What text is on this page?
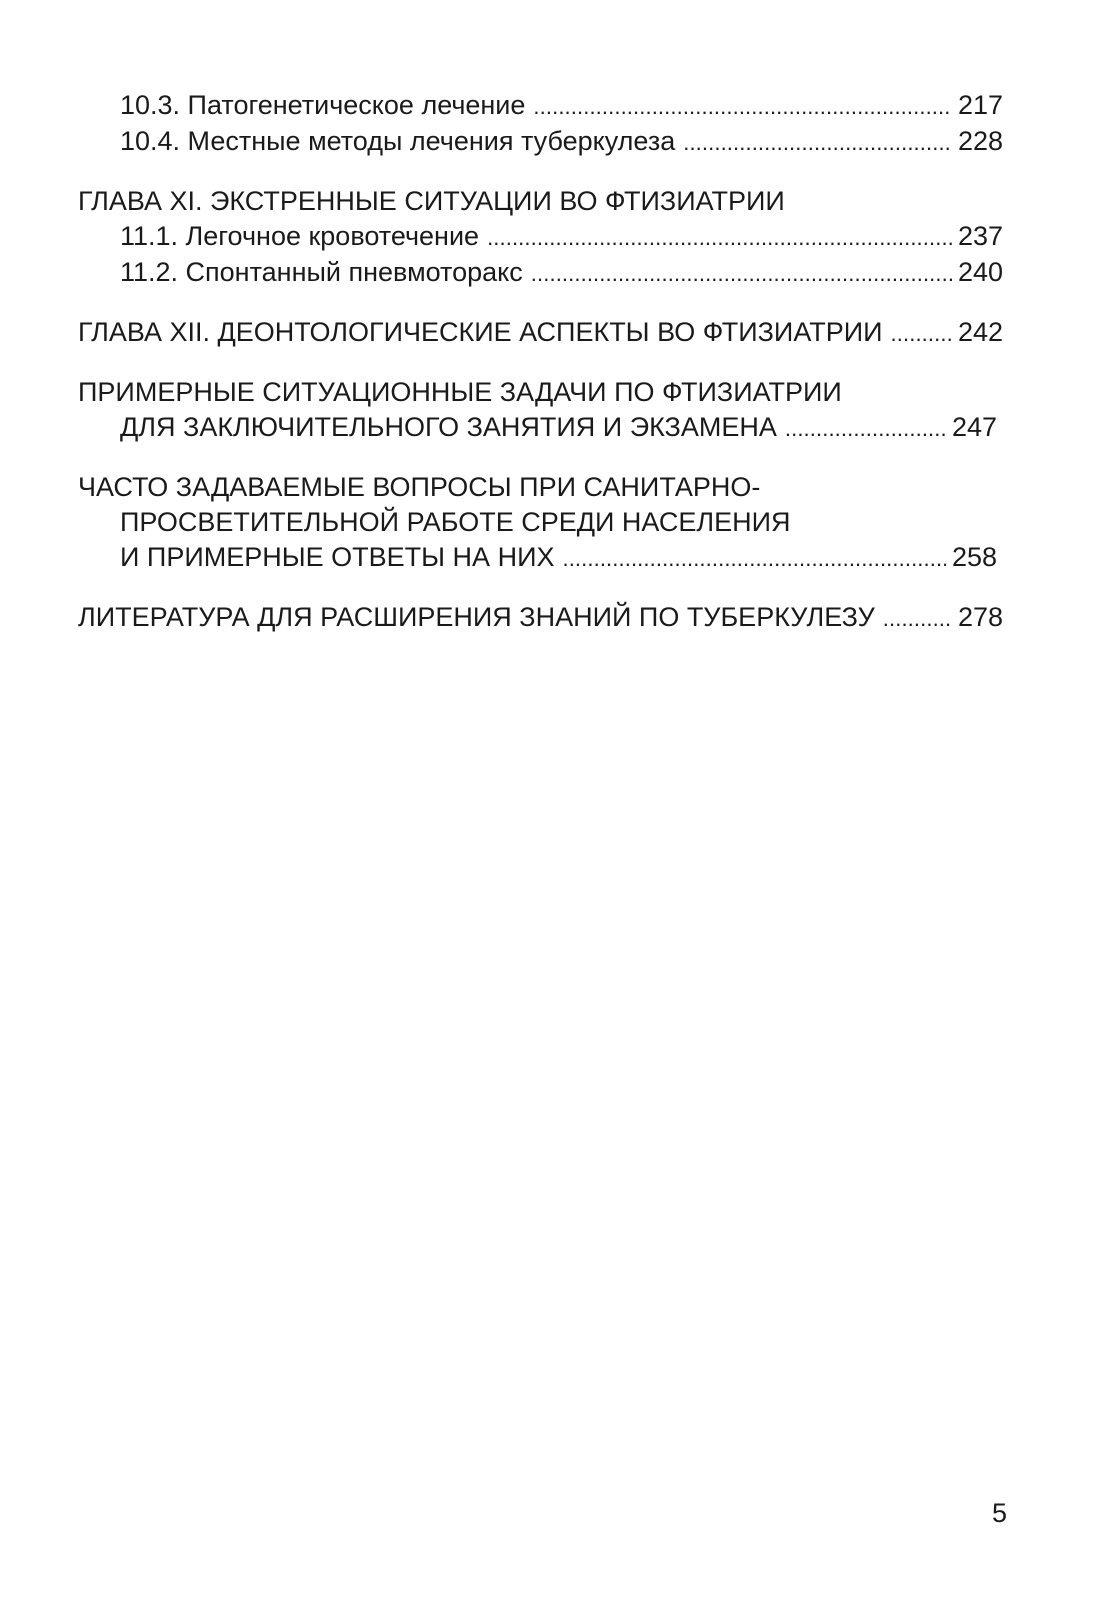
10.3. Патогенетическое лечение . . .	217
10.4. Местные методы лечения туберкулеза . . .	228
ГЛАВА XI. ЭКСТРЕННЫЕ СИТУАЦИИ ВО ФТИЗИАТРИИ
11.1. Легочное кровотечение . . .	237
11.2. Спонтанный пневмоторакс . . .	240
ГЛАВА XII. ДЕОНТОЛОГИЧЕСКИЕ АСПЕКТЫ ВО ФТИЗИАТРИИ . . .	242
ПРИМЕРНЫЕ СИТУАЦИОННЫЕ ЗАДАЧИ ПО ФТИЗИАТРИИ
ДЛЯ ЗАКЛЮЧИТЕЛЬНОГО ЗАНЯТИЯ И ЭКЗАМЕНА . . .	247
ЧАСТО ЗАДАВАЕМЫЕ ВОПРОСЫ ПРИ САНИТАРНО-
ПРОСВЕТИТЕЛЬНОЙ РАБОТЕ СРЕДИ НАСЕЛЕНИЯ
И ПРИМЕРНЫЕ ОТВЕТЫ НА НИХ . . .	258
ЛИТЕРАТУРА ДЛЯ РАСШИРЕНИЯ ЗНАНИЙ ПО ТУБЕРКУЛЕЗУ . . .	278
5
